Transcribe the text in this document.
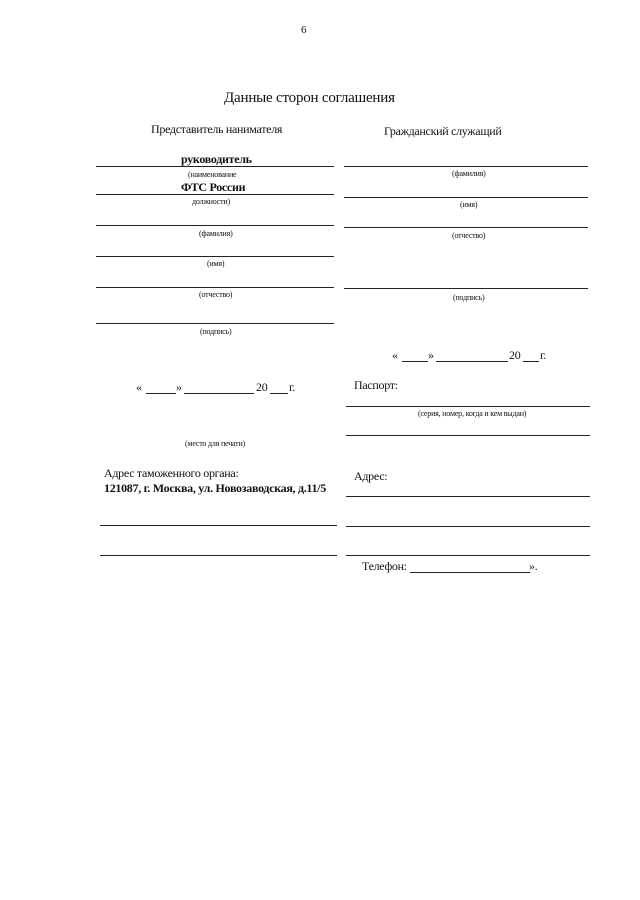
6
Данные сторон соглашения
Представитель нанимателя
руководитель
(наименование
ФТС России
должности)
(фамилия)
(имя)
(отчество)
(подпись)
«	»	20 г.
(место для печати)
Адрес таможенного органа:
121087, г. Москва, ул. Новозаводская, д.11/5
Гражданский служащий
(фамилия)
(имя)
(отчество)
(подпись)
«	»	20 г.
Паспорт:
(серия, номер, когда и кем выдан)
Адрес:
Телефон:	».
